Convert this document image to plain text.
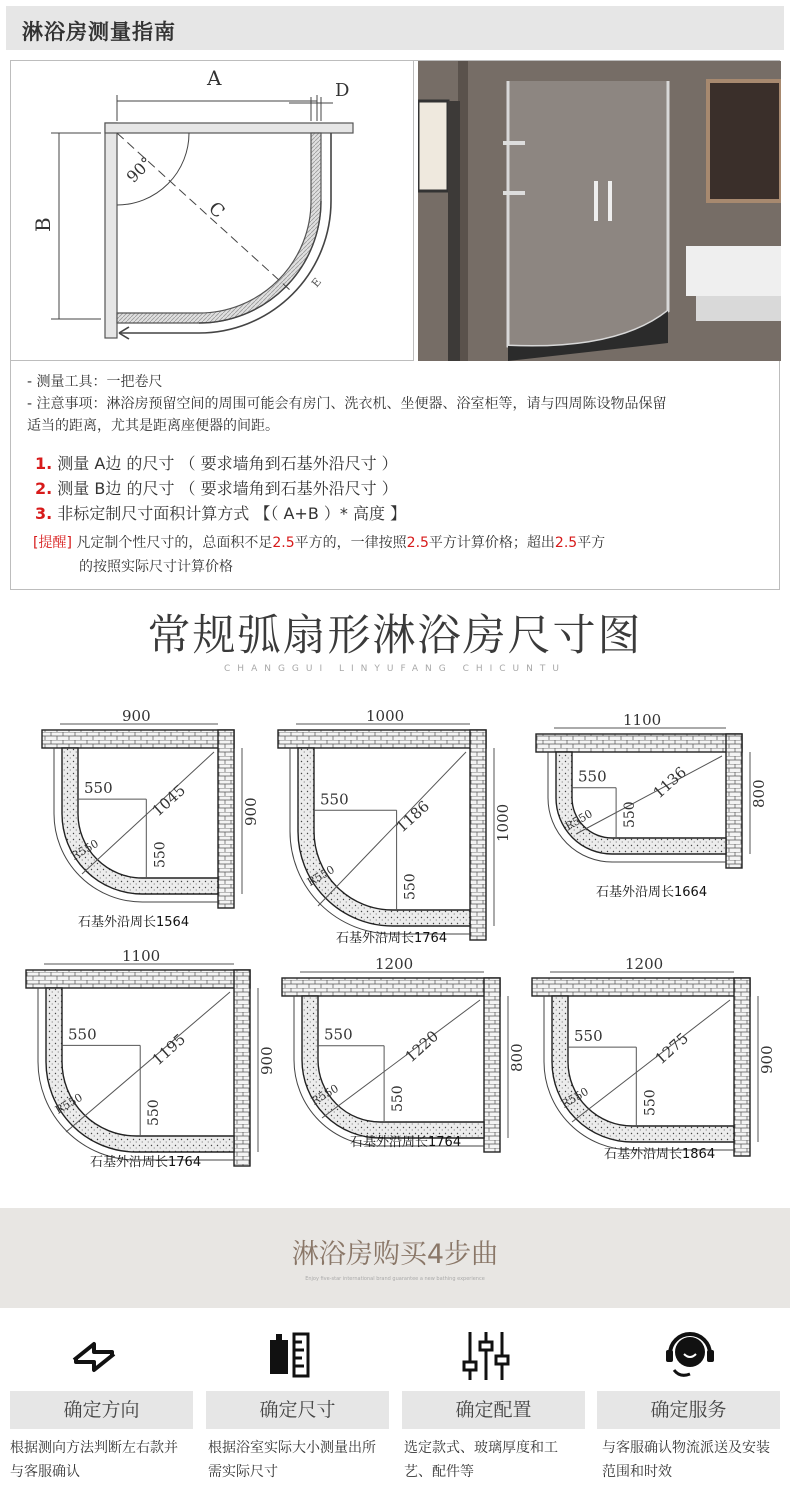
淋浴房测量指南
A
D
B
90°
C
E
- 测量工具：一把卷尺
- 注意事项：淋浴房预留空间的周围可能会有房门、洗衣机、坐便器、浴室柜等，请与四周陈设物品保留
适当的距离，尤其是距离座便器的间距。
1. 测量 A边 的尺寸 （ 要求墙角到石基外沿尺寸 ）
2. 测量 B边 的尺寸 （ 要求墙角到石基外沿尺寸 ）
3. 非标定制尺寸面积计算方式 【（ A+B ）* 高度 】
[提醒] 凡定制个性尺寸的，总面积不足2.5平方的，一律按照2.5平方计算价格；超出2.5平方
的按照实际尺寸计算价格
常规弧扇形淋浴房尺寸图
CHANGGUI LINYUFANG CHICUNTU
900
900
550
550
1045
R550
石基外沿周长1564
1000
1000
550
550
1186
R550
石基外沿周长1764
1100
800
550
550
1136
R550
石基外沿周长1664
1100
900
550
550
1195
R550
石基外沿周长1764
1200
800
550
550
1220
R550
石基外沿周长1764
1200
900
550
550
1275
R550
石基外沿周长1864
淋浴房购买4步曲
Enjoy five-star international brand guarantee a new bathing experience
确定方向	确定尺寸	确定配置	确定服务
根据测向方法判断左右款并与客服确认
根据浴室实际大小测量出所需实际尺寸
选定款式、玻璃厚度和工艺、配件等
与客服确认物流派送及安装范围和时效
